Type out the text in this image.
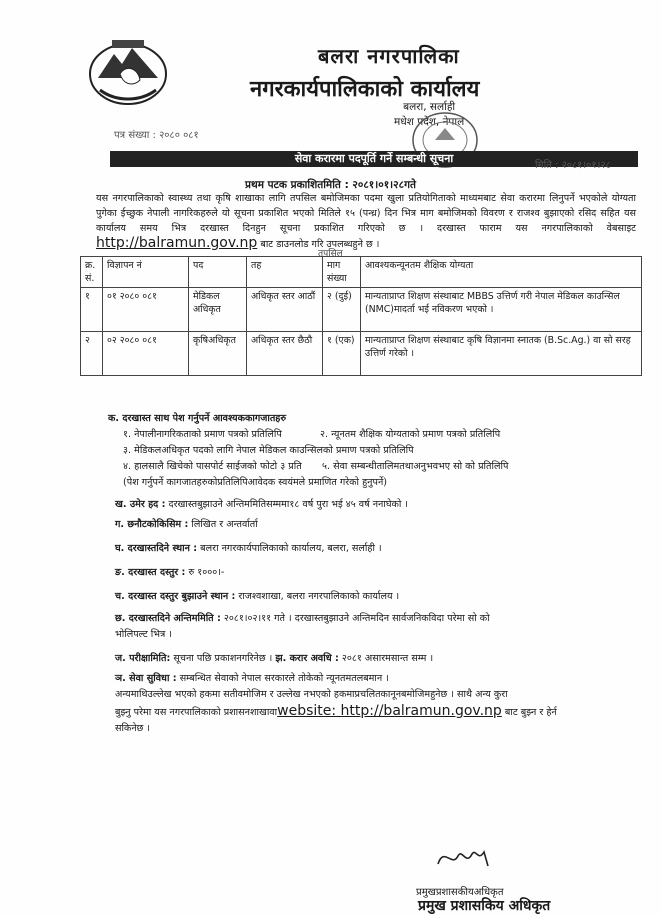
बलरा नगरपालिका
नगरकार्यपालिकाको कार्यालय
बलरा, सर्लाही
मधेश प्रदेश, नेपाल
पत्र संख्या : २०८० ०८१
सेवा करारमा पदपूर्ति गर्ने सम्बन्धी सूचना
मिति : २०८१।०१।२८
प्रथम पटक प्रकाशितमिति : २०८१।०१।२८गते
यस नगरपालिकाको स्वास्थ्य तथा कृषि शाखाका लागि तपसिल बमोजिमका पदमा खुला प्रतियोगिताको माध्यमबाट सेवा करारमा लिनुपर्ने भएकोले योग्यता पुगेका ईच्छुक नेपाली नागरिकहरुले यो सूचना प्रकाशित भएको मितिले १५ (पन्ध्र) दिन भित्र माग बमोजिमको विवरण र राजश्व बुझाएको रसिद सहित यस कार्यालय समय भित्र दरखास्त दिनहुन सूचना प्रकाशित गरिएको छ । दरखास्त फाराम यस नगरपालिकाको वेबसाइट http://balramun.gov.np बाट डाउनलोड गरि उपलब्धहुने छ ।
तपसिल
क्र. सं.	विज्ञापन नं	पद	तह	माग संख्या	आवश्यकन्यूनतम शैक्षिक योग्यता
१	०१ २०८० ०८१	मेडिकल अधिकृत	अधिकृत स्तर आठौं	२ (दुई)	मान्यताप्राप्त शिक्षण संस्थाबाट MBBS उत्तिर्ण गरी नेपाल मेडिकल काउन्सिल (NMC)मादर्ता भई नविकरण भएको ।
२	०२ २०८० ०८१	कृषिअधिकृत	अधिकृत स्तर छैठौ	१ (एक)	मान्यताप्राप्त शिक्षण संस्थाबाट कृषि विज्ञानमा स्नातक (B.Sc.Ag.) वा सो सरह उत्तिर्ण गरेको ।
क. दरखास्त साथ पेश गर्नुपर्ने आवश्यककागजातहरु
१. नेपालीनागरिकताको प्रमाण पत्रको प्रतिलिपि	२. न्यूनतम शैक्षिक योग्यताको प्रमाण पत्रको प्रतिलिपि
३. मेडिकलअधिकृत पदको लागि नेपाल मेडिकल काउन्सिलको प्रमाण पत्रको प्रतिलिपि
४. हालसालै खिचेको पासपोर्ट साईजको फोटो ३ प्रति ५. सेवा सम्बन्धीतालिमतथाअनुभवभए सो को प्रतिलिपि
(पेश गर्नुपर्ने कागजातहरुकोप्रतिलिपिआवेदक स्वयंमले प्रमाणित गरेको हुनुपर्ने)
ख. उमेर हद : दरखास्तबुझाउने अन्तिममितिसम्ममा१८ वर्ष पुरा भई ४५ वर्ष ननाघेको ।
ग. छनौटकोकिसिम : लिखित र अन्तर्वार्ता
घ. दरखास्तदिने स्थान : बलरा नगरकार्यपालिकाको कार्यालय, बलरा, सर्लाही ।
ङ. दरखास्त दस्तुर : रु १०००।-
च. दरखास्त दस्तुर बुझाउने स्थान : राजश्वशाखा, बलरा नगरपालिकाको कार्यालय ।
छ. दरखास्तदिने अन्तिममिति : २०८१।०२।११ गते । दरखास्तबुझाउने अन्तिमदिन सार्वजनिकविदा परेमा सो को
भोलिपल्ट भित्र ।
ज. परीक्षामिति: सूचना पछि प्रकाशनगरिनेछ । झ. करार अवधि : २०८१ असारमसान्त सम्म ।
ञ. सेवा सुविधा : सम्बन्धित सेवाको नेपाल सरकारले तोकेको न्यूनतमतलबमान ।
अन्यमाथिउल्लेख भएको हकमा सतीवमोजिम र उल्लेख नभएको हकमाप्रचलितकानूनबमोजिमहुनेछ । साथै अन्य कुरा
बुझ्नु परेमा यस नगरपालिकाको प्रशासनशाखावाwebsite: http://balramun.gov.np बाट बुझ्न र हेर्न
सकिनेछ ।
प्रमुखप्रशासकीयअधिकृत
प्रमुख प्रशासकिय अधिकृत
